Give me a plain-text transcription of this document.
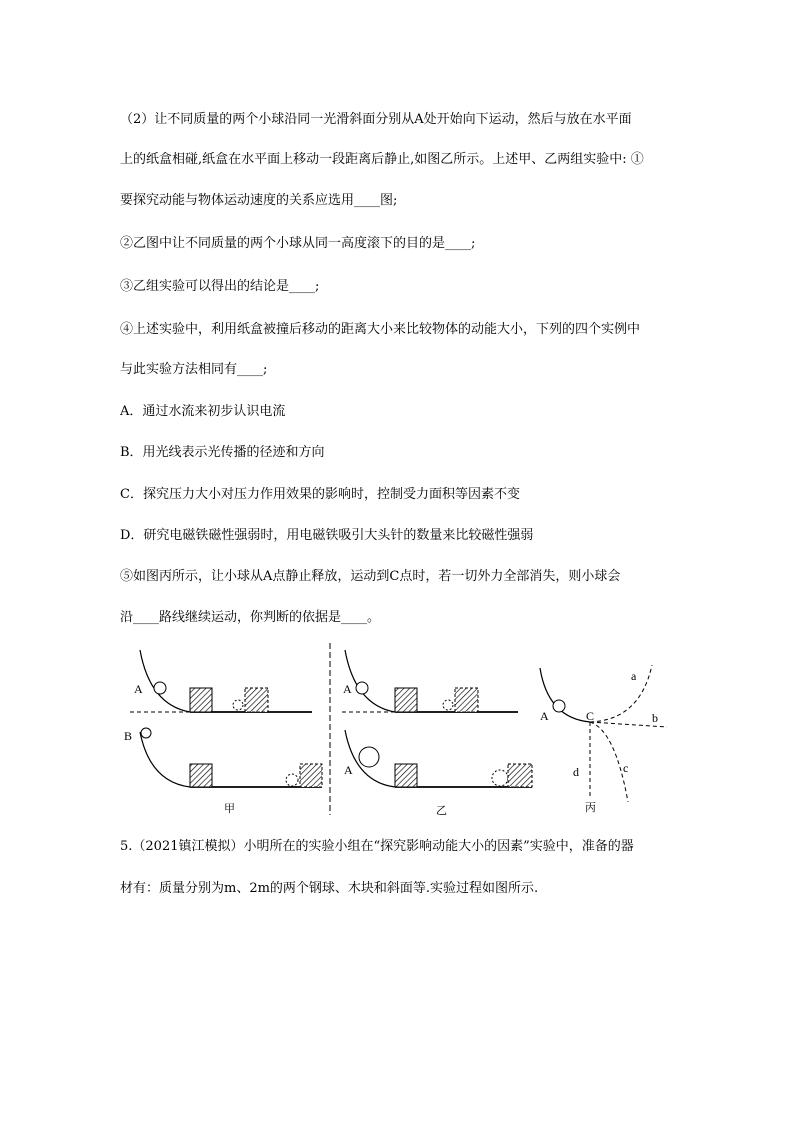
（2）让不同质量的两个小球沿同一光滑斜面分别从A处开始向下运动，然后与放在水平面
上的纸盒相碰,纸盒在水平面上移动一段距离后静止,如图乙所示。上述甲、乙两组实验中: ①
要探究动能与物体运动速度的关系应选用____图;
②乙图中让不同质量的两个小球从同一高度滚下的目的是____;
③乙组实验可以得出的结论是____;
④上述实验中，利用纸盒被撞后移动的距离大小来比较物体的动能大小，下列的四个实例中
与此实验方法相同有____;
A．通过水流来初步认识电流
B．用光线表示光传播的径迹和方向
C．探究压力大小对压力作用效果的影响时，控制受力面积等因素不变
D．研究电磁铁磁性强弱时，用电磁铁吸引大头针的数量来比较磁性强弱
⑤如图丙所示，让小球从A点静止释放，运动到C点时，若一切外力全部消失，则小球会
沿____路线继续运动，你判断的依据是____。
A
B
A
A
A	C
a
b
c
d
甲	乙	丙
5.（2021镇江模拟）小明所在的实验小组在“探究影响动能大小的因素”实验中，准备的器
材有：质量分别为m、2m的两个钢球、木块和斜面等.实验过程如图所示.
